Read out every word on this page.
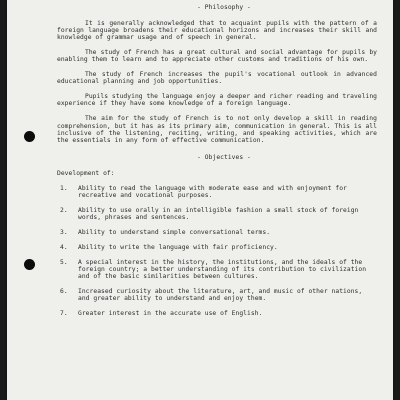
- Philosophy -

It is generally acknowledged that to acquaint pupils with the pattern of a foreign language broadens their educational horizons and increases their skill and knowledge of grammar usage and of speech in general.

The study of French has a great cultural and social advantage for pupils by enabling them to learn and to appreciate other customs and traditions of his own.

The study of French increases the pupil's vocational outlook in advanced educational planning and job opportunities.

Pupils studying the language enjoy a deeper and richer reading and traveling experience if they have some knowledge of a foreign language.

The aim for the study of French is to not only develop a skill in reading comprehension, but it has as its primary aim, communication in general. This is all inclusive of the listening, reciting, writing, and speaking activities, which are the essentials in any form of effective communication.

- Objectives -
Development of:
1. Ability to read the language with moderate ease and with enjoyment for recreative and vocational purposes.
2. Ability to use orally in an intelligible fashion a small stock of foreign words, phrases and sentences.
3. Ability to understand simple conversational terms.
4. Ability to write the language with fair proficiency.
5. A special interest in the history, the institutions, and the ideals of the foreign country; a better understanding of its contribution to civilization and of the basic similarities between cultures.
6. Increased curiosity about the literature, art, and music of other nations, and greater ability to understand and enjoy them.
7. Greater interest in the accurate use of English.
